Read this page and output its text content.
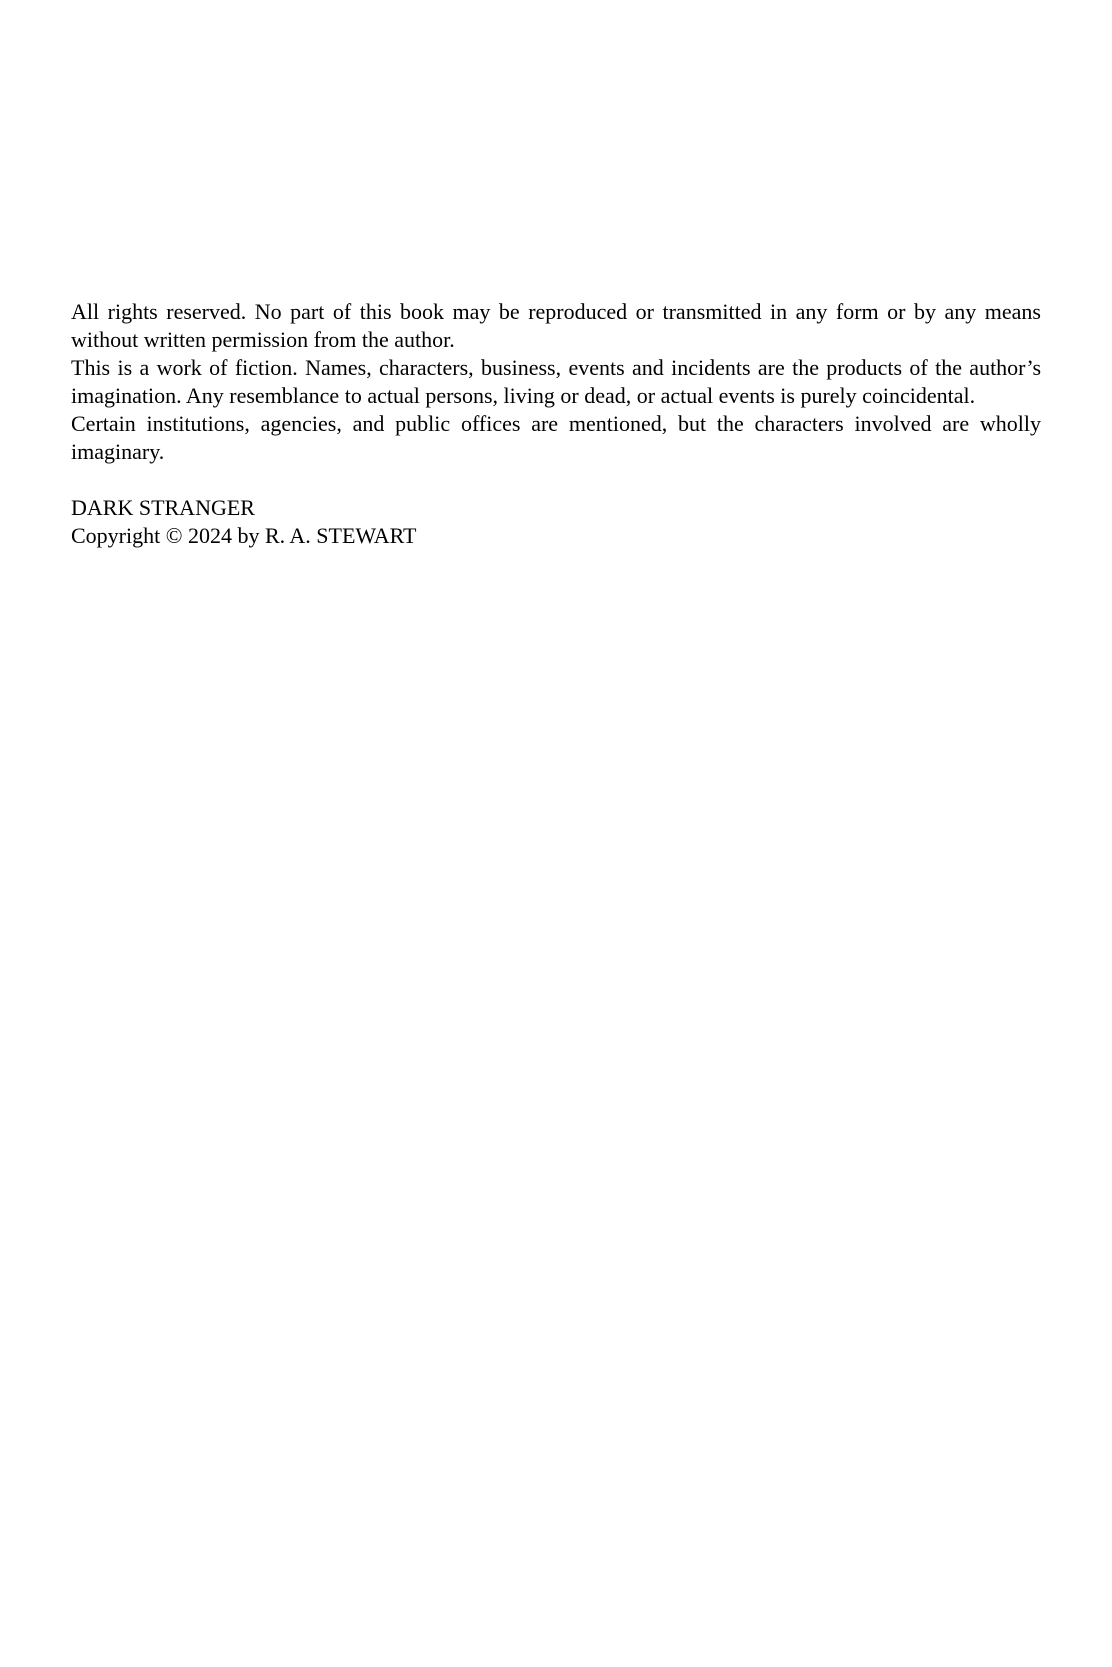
All rights reserved. No part of this book may be reproduced or transmitted in any form or by any means without written permission from the author.

This is a work of fiction. Names, characters, business, events and incidents are the products of the author’s imagination. Any resemblance to actual persons, living or dead, or actual events is purely coincidental.

Certain institutions, agencies, and public offices are mentioned, but the characters involved are wholly imaginary.

DARK STRANGER
Copyright © 2024 by R. A. STEWART
